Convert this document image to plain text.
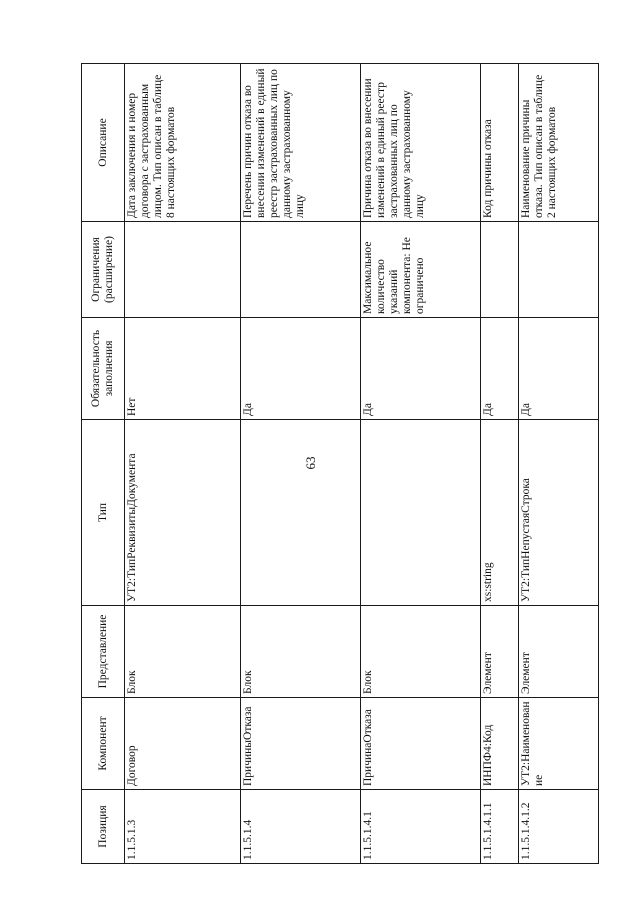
63
Позиция	Компонент	Представление	Тип	Обязательность заполнения	Ограничения (расширение)	Описание
1.1.5.1.3	Договор	Блок	УТ2:ТипРеквизитыДокумента	Нет		Дата заключения и номер договора с застрахованным лицом. Тип описан в таблице 8 настоящих форматов
1.1.5.1.4	ПричиныОтказа	Блок		Да		Перечень причин отказа во внесении изменений в единый реестр застрахованных лиц по данному застрахованному лицу
1.1.5.1.4.1	ПричинаОтказа	Блок		Да	Максимальное количество указаний компонента: Не ограничено	Причина отказа во внесении изменений в единый реестр застрахованных лиц по данному застрахованному лицу
1.1.5.1.4.1.1	ИНПФ4:Код	Элемент	xs:string	Да		Код причины отказа
1.1.5.1.4.1.2	УТ2:Наименование	Элемент	УТ2:ТипНепустаяСтрока	Да		Наименование причины отказа. Тип описан в таблице 2 настоящих форматов
